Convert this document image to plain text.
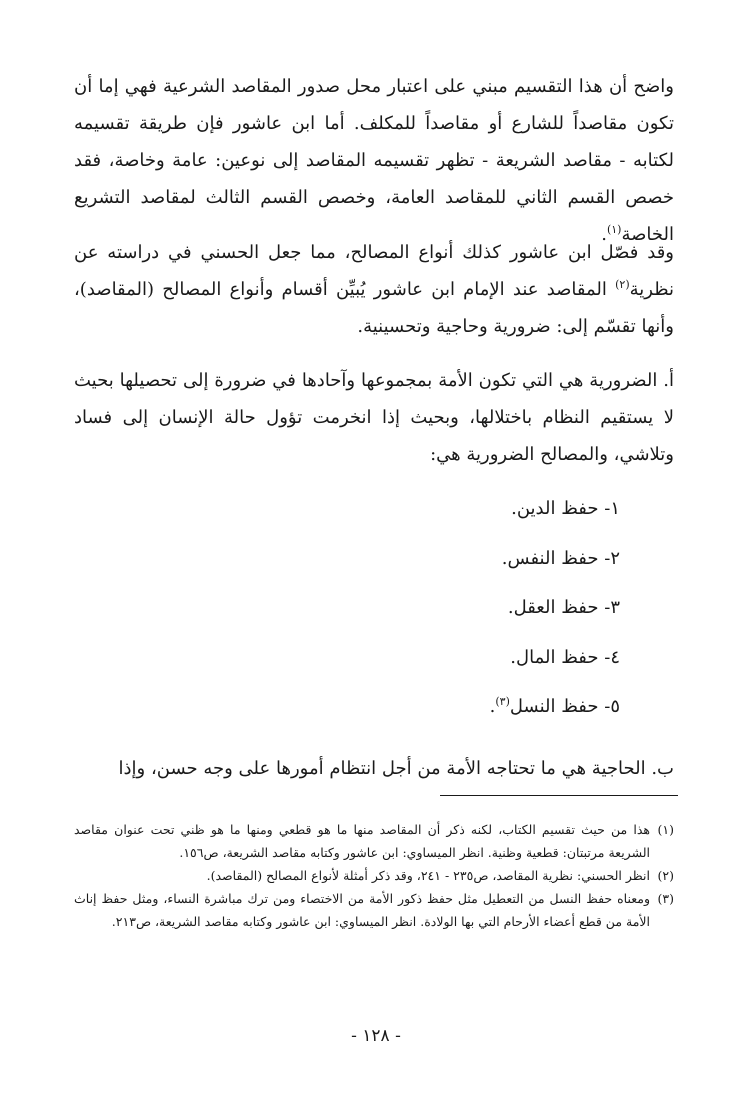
واضح أن هذا التقسيم مبني على اعتبار محل صدور المقاصد الشرعية فهي إما أن تكون مقاصداً للشارع أو مقاصداً للمكلف. أما ابن عاشور فإن طريقة تقسيمه لكتابه - مقاصد الشريعة - تظهر تقسيمه المقاصد إلى نوعين: عامة وخاصة، فقد خصص القسم الثاني للمقاصد العامة، وخصص القسم الثالث لمقاصد التشريع الخاصة$^{(١)}$.

وقد فصّل ابن عاشور كذلك أنواع المصالح، مما جعل الحسني في دراسته عن نظرية$^{(٢)}$ المقاصد عند الإمام ابن عاشور يُبيِّن أقسام وأنواع المصالح (المقاصد)، وأنها تقسّم إلى: ضرورية وحاجية وتحسينية.

أ. الضرورية هي التي تكون الأمة بمجموعها وآحادها في ضرورة إلى تحصيلها بحيث لا يستقيم النظام باختلالها، وبحيث إذا انخرمت تؤول حالة الإنسان إلى فساد وتلاشي، والمصالح الضرورية هي:

١- حفظ الدين.
٢- حفظ النفس.
٣- حفظ العقل.
٤- حفظ المال.
٥- حفظ النسل$^{(٣)}$.

ب. الحاجية هي ما تحتاجه الأمة من أجل انتظام أمورها على وجه حسن، وإذا

(١)
هذا من حيث تقسيم الكتاب، لكنه ذكر أن المقاصد منها ما هو قطعي ومنها ما هو ظني تحت عنوان مقاصد الشريعة مرتبتان: قطعية وظنية. انظر الميساوي: ابن عاشور وكتابه مقاصد الشريعة، ص١٥٦.
(٢)
انظر الحسني: نظرية المقاصد، ص٢٣٥ - ٢٤١، وقد ذكر أمثلة لأنواع المصالح (المقاصد).
(٣)
ومعناه حفظ النسل من التعطيل مثل حفظ ذكور الأمة من الاختصاء ومن ترك مباشرة النساء، ومثل حفظ إناث الأمة من قطع أعضاء الأرحام التي بها الولادة. انظر الميساوي: ابن عاشور وكتابه مقاصد الشريعة، ص٢١٣.
- ١٢٨ -
